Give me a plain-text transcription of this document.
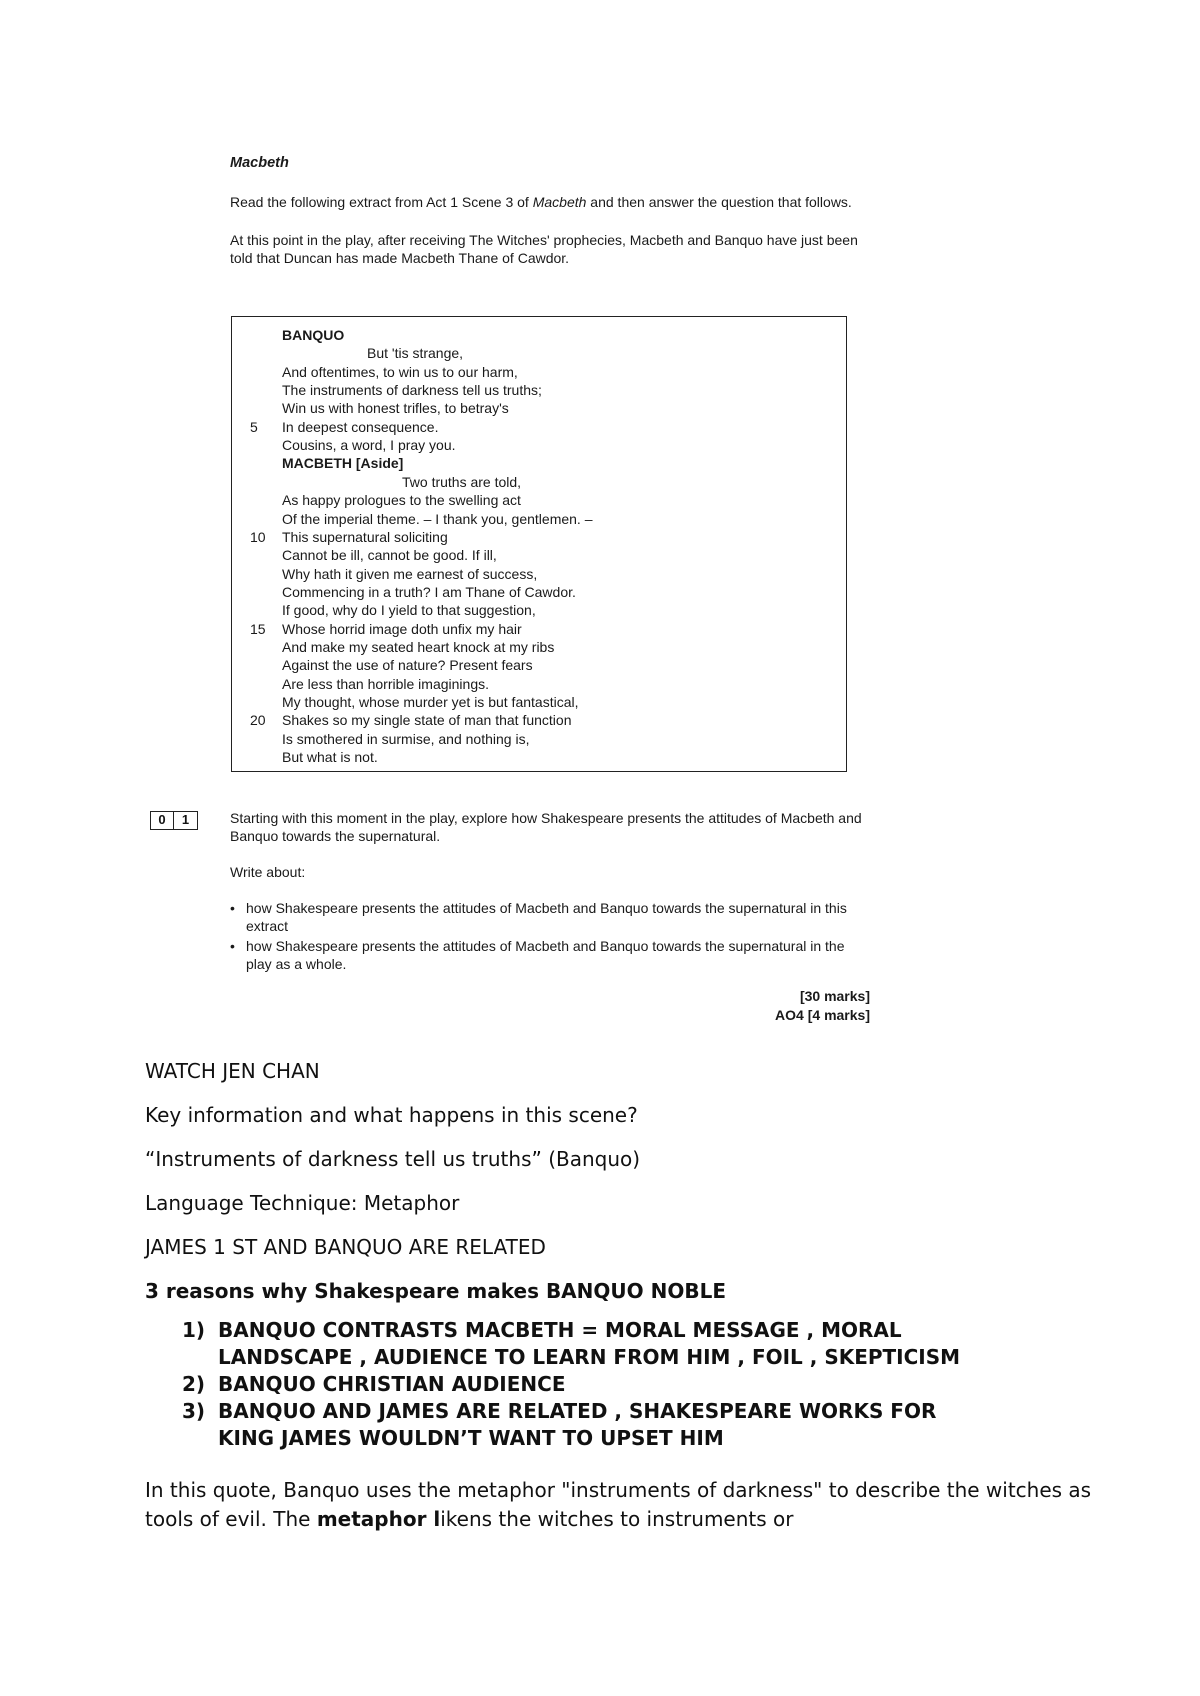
Macbeth

Read the following extract from Act 1 Scene 3 of Macbeth and then answer the question that follows.

At this point in the play, after receiving The Witches' prophecies, Macbeth and Banquo have just been told that Duncan has made Macbeth Thane of Cawdor.

BANQUO
But 'tis strange,
And oftentimes, to win us to our harm,
The instruments of darkness tell us truths;
Win us with honest trifles, to betray's
In deepest consequence.
5
Cousins, a word, I pray you.
MACBETH [Aside]
Two truths are told,
As happy prologues to the swelling act
Of the imperial theme. – I thank you, gentlemen. –
This supernatural soliciting
10
Cannot be ill, cannot be good. If ill,
Why hath it given me earnest of success,
Commencing in a truth? I am Thane of Cawdor.
If good, why do I yield to that suggestion,
Whose horrid image doth unfix my hair
15
And make my seated heart knock at my ribs
Against the use of nature? Present fears
Are less than horrible imaginings.
My thought, whose murder yet is but fantastical,
Shakes so my single state of man that function
20
Is smothered in surmise, and nothing is,
But what is not.
0	1	Starting with this moment in the play, explore how Shakespeare presents the attitudes of Macbeth and Banquo towards the supernatural.

Write about:

• how Shakespeare presents the attitudes of Macbeth and Banquo towards the supernatural in this extract
• how Shakespeare presents the attitudes of Macbeth and Banquo towards the supernatural in the play as a whole.
[30 marks]
AO4 [4 marks]

WATCH JEN CHAN

Key information and what happens in this scene?

“Instruments of darkness tell us truths” (Banquo)

Language Technique: Metaphor

JAMES 1 ST AND BANQUO ARE RELATED

3 reasons why Shakespeare makes BANQUO NOBLE

1) BANQUO CONTRASTS MACBETH = MORAL MESSAGE , MORAL
LANDSCAPE , AUDIENCE TO LEARN FROM HIM , FOIL , SKEPTICISM
2) BANQUO CHRISTIAN AUDIENCE
3) BANQUO AND JAMES ARE RELATED , SHAKESPEARE WORKS FOR
KING JAMES WOULDN’T WANT TO UPSET HIM

In this quote, Banquo uses the metaphor "instruments of darkness" to describe the witches as tools of evil. The metaphor likens the witches to instruments or
